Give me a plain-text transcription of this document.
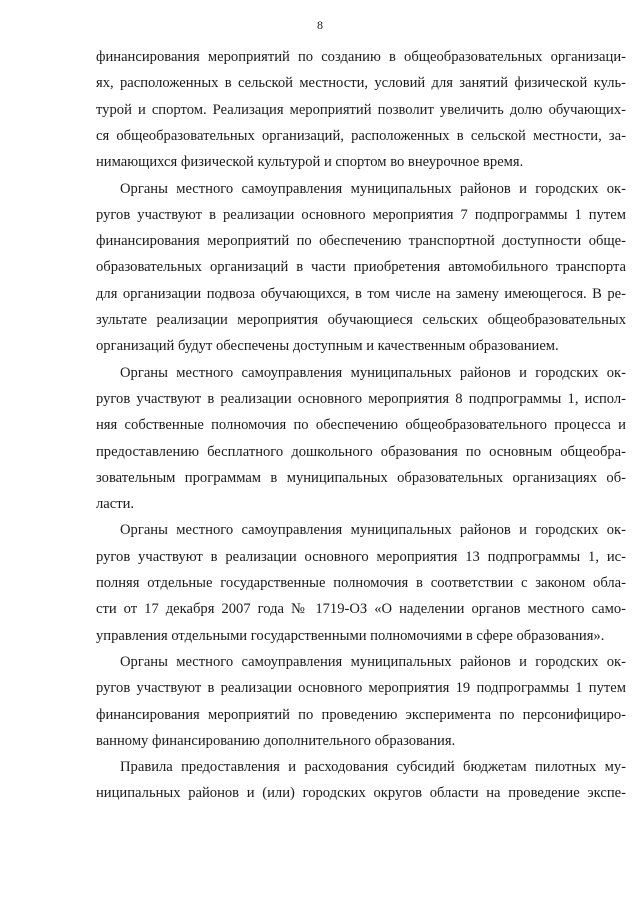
8
финансирования мероприятий по созданию в общеобразовательных организаци-
ях, расположенных в сельской местности, условий для занятий физической куль-
турой и спортом. Реализация мероприятий позволит увеличить долю обучающих-
ся общеобразовательных организаций, расположенных в сельской местности, за-
нимающихся физической культурой и спортом во внеурочное время.
Органы местного самоуправления муниципальных районов и городских ок-
ругов участвуют в реализации основного мероприятия 7 подпрограммы 1 путем
финансирования мероприятий по обеспечению транспортной доступности обще-
образовательных организаций в части приобретения автомобильного транспорта
для организации подвоза обучающихся, в том числе на замену имеющегося. В ре-
зультате реализации мероприятия обучающиеся сельских общеобразовательных
организаций будут обеспечены доступным и качественным образованием.
Органы местного самоуправления муниципальных районов и городских ок-
ругов участвуют в реализации основного мероприятия 8 подпрограммы 1, испол-
няя собственные полномочия по обеспечению общеобразовательного процесса и
предоставлению бесплатного дошкольного образования по основным общеобра-
зовательным программам в муниципальных образовательных организациях об-
ласти.
Органы местного самоуправления муниципальных районов и городских ок-
ругов участвуют в реализации основного мероприятия 13 подпрограммы 1, ис-
полняя отдельные государственные полномочия в соответствии с законом обла-
сти от 17 декабря 2007 года № 1719-ОЗ «О наделении органов местного само-
управления отдельными государственными полномочиями в сфере образования».
Органы местного самоуправления муниципальных районов и городских ок-
ругов участвуют в реализации основного мероприятия 19 подпрограммы 1 путем
финансирования мероприятий по проведению эксперимента по персонифициро-
ванному финансированию дополнительного образования.
Правила предоставления и расходования субсидий бюджетам пилотных му-
ниципальных районов и (или) городских округов области на проведение экспе-
